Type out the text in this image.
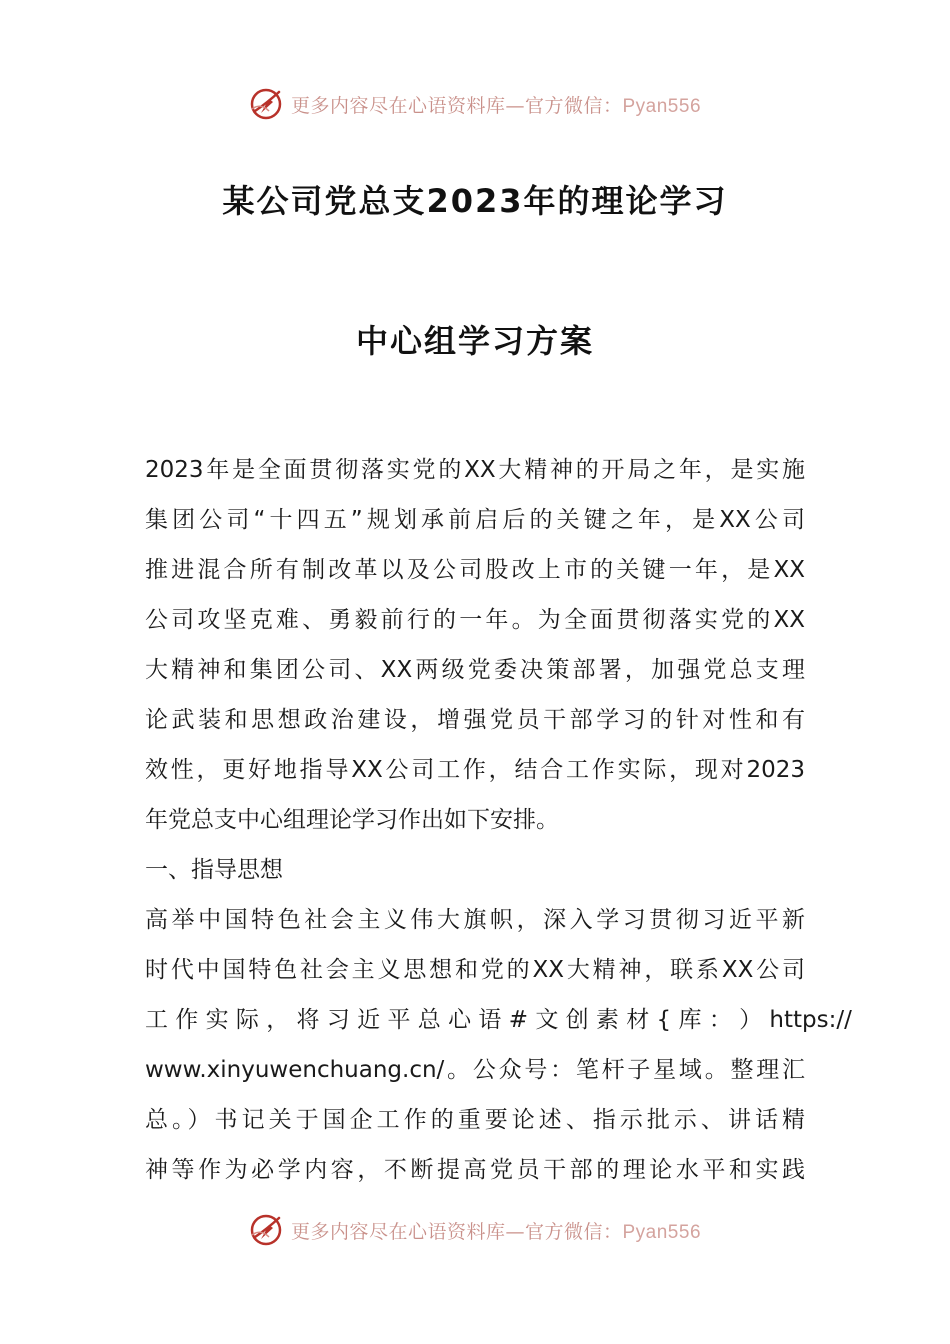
更多内容尽在心语资料库—官方微信：Pyan556
某公司党总支2023年的理论学习
中心组学习方案
2023年是全面贯彻落实党的XX大精神的开局之年，是实施
集团公司“十四五”规划承前启后的关键之年，是XX公司
推进混合所有制改革以及公司股改上市的关键一年，是XX
公司攻坚克难、勇毅前行的一年。为全面贯彻落实党的XX
大精神和集团公司、XX两级党委决策部署，加强党总支理
论武装和思想政治建设，增强党员干部学习的针对性和有
效性，更好地指导XX公司工作，结合工作实际，现对2023
年党总支中心组理论学习作出如下安排。
一、指导思想
高举中国特色社会主义伟大旗帜，深入学习贯彻习近平新
时代中国特色社会主义思想和党的XX大精神，联系XX公司
工 作 实 际 ， 将 习 近 平 总 心 语 # 文 创 素 材 { 库 ： ） https://
www.xinyuwenchuang.cn/。公众号：笔杆子星域。整理汇
总。）书记关于国企工作的重要论述、指示批示、讲话精
神等作为必学内容，不断提高党员干部的理论水平和实践
更多内容尽在心语资料库—官方微信：Pyan556
